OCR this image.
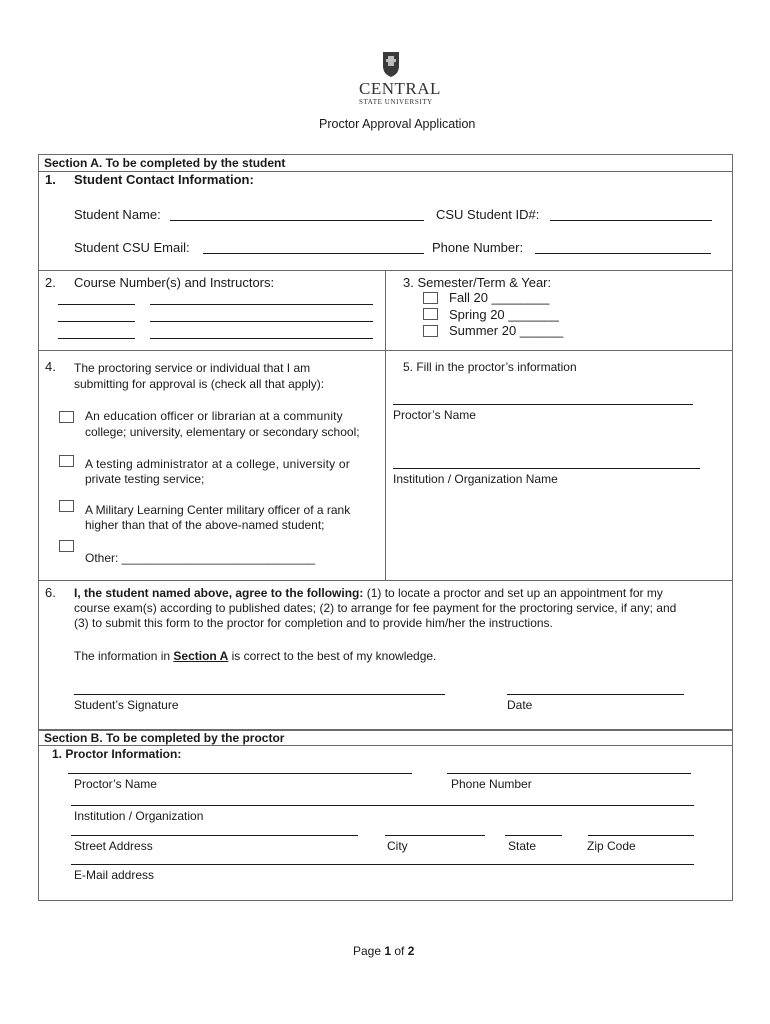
CENTRAL
STATE UNIVERSITY
Proctor Approval Application
Section A. To be completed by the student
1. Student Contact Information:
Student Name:	CSU Student ID#:
Student CSU Email:	Phone Number:
2. Course Number(s) and Instructors:	3. Semester/Term & Year:
Fall 20 ________
Spring 20 _______
Summer 20 ______
4. The proctoring service or individual that I am
submitting for approval is (check all that apply):
An education officer or librarian at a community
college; university, elementary or secondary school;
A testing administrator at a college, university or
private testing service;
A Military Learning Center military officer of a rank
higher than that of the above-named student;
Other: _____________________________
5. Fill in the proctor’s information
Proctor’s Name
Institution / Organization Name
6. I, the student named above, agree to the following: (1) to locate a proctor and set up an appointment for my
course exam(s) according to published dates; (2) to arrange for fee payment for the proctoring service, if any; and
(3) to submit this form to the proctor for completion and to provide him/her the instructions.
The information in Section A is correct to the best of my knowledge.
Student’s Signature	Date
Section B. To be completed by the proctor
1. Proctor Information:
Proctor’s Name	Phone Number
Institution / Organization
Street Address	City	State	Zip Code
E-Mail address
Page 1 of 2
